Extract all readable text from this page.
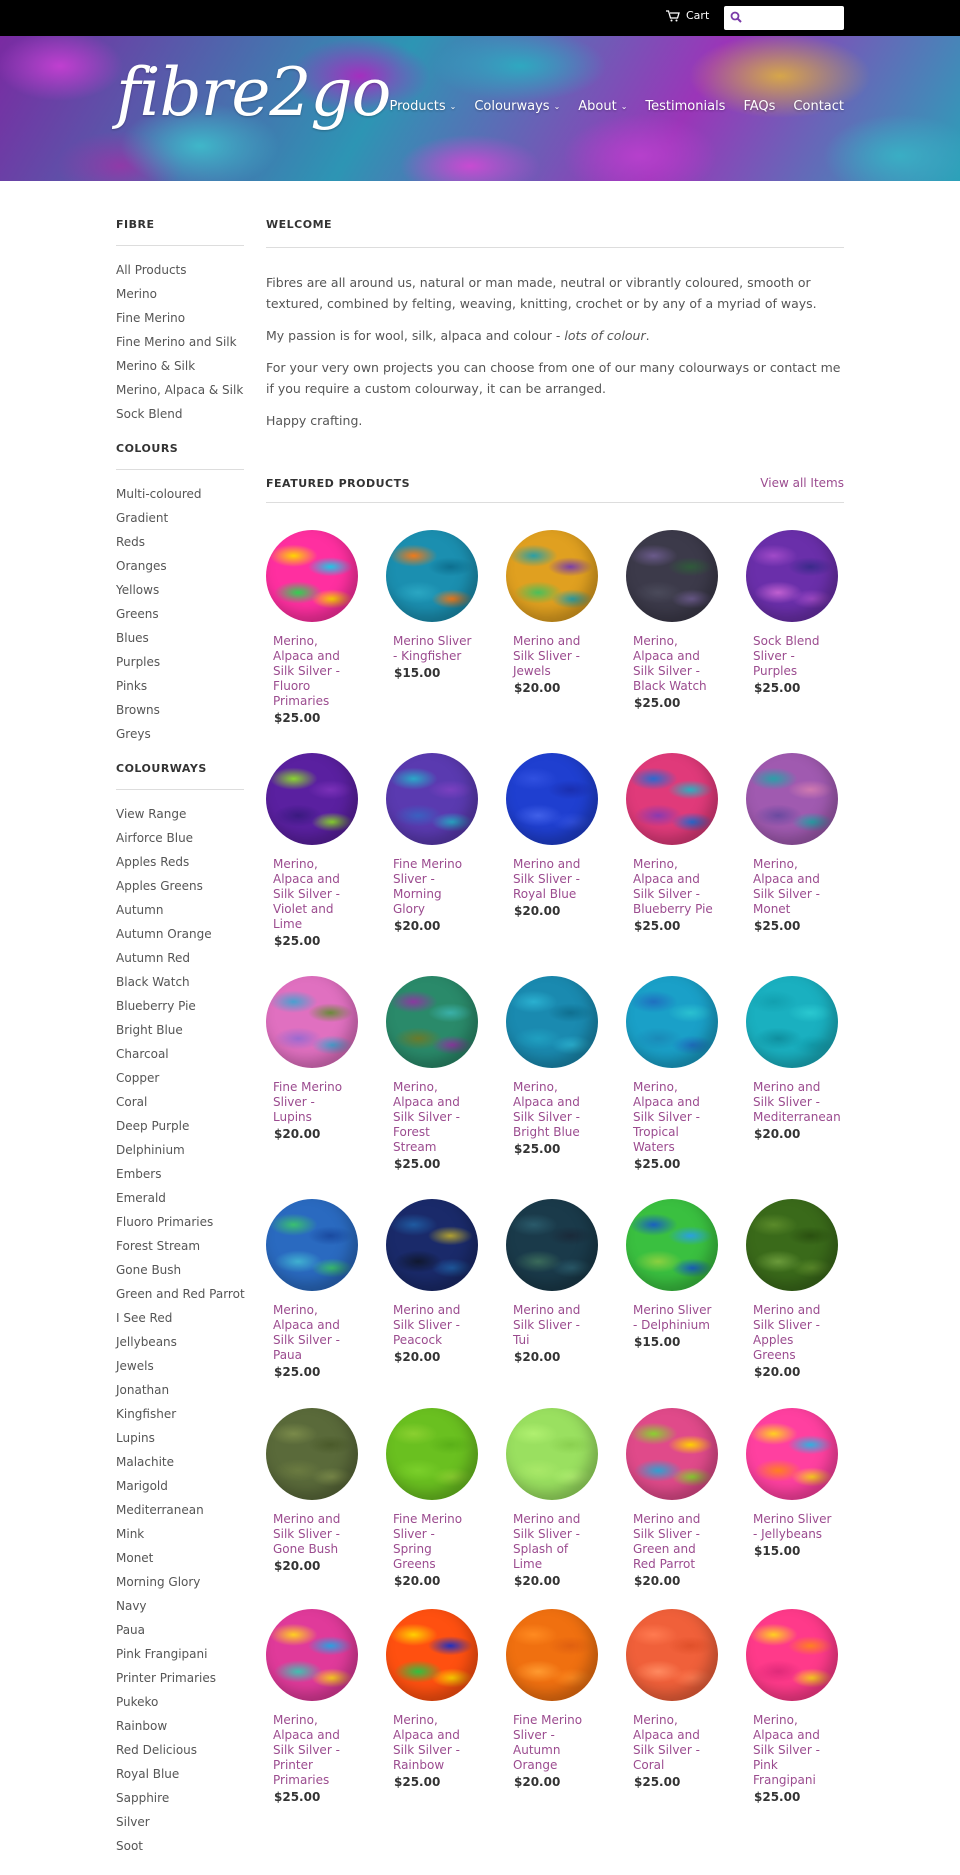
Cart
fibre2go Products ⌄ Colourways ⌄ About ⌄ Testimonials FAQs Contact
FIBRE
All Products
Merino
Fine Merino
Fine Merino and Silk
Merino & Silk
Merino, Alpaca & Silk
Sock Blend
COLOURS
Multi-coloured
Gradient
Reds
Oranges
Yellows
Greens
Blues
Purples
Pinks
Browns
Greys
COLOURWAYS
View Range
Airforce Blue
Apples Reds
Apples Greens
Autumn
Autumn Orange
Autumn Red
Black Watch
Blueberry Pie
Bright Blue
Charcoal
Copper
Coral
Deep Purple
Delphinium
Embers
Emerald
Fluoro Primaries
Forest Stream
Gone Bush
Green and Red Parrot
I See Red
Jellybeans
Jewels
Jonathan
Kingfisher
Lupins
Malachite
Marigold
Mediterranean
Mink
Monet
Morning Glory
Navy
Paua
Pink Frangipani
Printer Primaries
Pukeko
Rainbow
Red Delicious
Royal Blue
Sapphire
Silver
Soot
WELCOME

Fibres are all around us, natural or man made, neutral or vibrantly coloured, smooth or textured, combined by felting, weaving, knitting, crochet or by any of a myriad of ways.

My passion is for wool, silk, alpaca and colour - lots of colour.

For your very own projects you can choose from one of our many colourways or contact me if you require a custom colourway, it can be arranged.

Happy crafting.

FEATURED PRODUCTS	View all Items
Merino, Alpaca and Silk Silver - Fluoro Primaries
$25.00
Merino Sliver - Kingfisher
$15.00
Merino and Silk Sliver - Jewels
$20.00
Merino, Alpaca and Silk Silver - Black Watch
$25.00
Sock Blend Sliver - Purples
$25.00
Merino, Alpaca and Silk Silver - Violet and Lime
$25.00
Fine Merino Sliver - Morning Glory
$20.00
Merino and Silk Sliver - Royal Blue
$20.00
Merino, Alpaca and Silk Silver - Blueberry Pie
$25.00
Merino, Alpaca and Silk Silver - Monet
$25.00
Fine Merino Sliver - Lupins
$20.00
Merino, Alpaca and Silk Silver - Forest Stream
$25.00
Merino, Alpaca and Silk Silver - Bright Blue
$25.00
Merino, Alpaca and Silk Silver - Tropical Waters
$25.00
Merino and Silk Sliver - Mediterranean
$20.00
Merino, Alpaca and Silk Silver - Paua
$25.00
Merino and Silk Sliver - Peacock
$20.00
Merino and Silk Sliver - Tui
$20.00
Merino Sliver - Delphinium
$15.00
Merino and Silk Sliver - Apples Greens
$20.00
Merino and Silk Sliver - Gone Bush
$20.00
Fine Merino Sliver - Spring Greens
$20.00
Merino and Silk Sliver - Splash of Lime
$20.00
Merino and Silk Sliver - Green and Red Parrot
$20.00
Merino Sliver - Jellybeans
$15.00
Merino, Alpaca and Silk Silver - Printer Primaries
$25.00
Merino, Alpaca and Silk Silver - Rainbow
$25.00
Fine Merino Sliver - Autumn Orange
$20.00
Merino, Alpaca and Silk Silver - Coral
$25.00
Merino, Alpaca and Silk Silver - Pink Frangipani
$25.00
